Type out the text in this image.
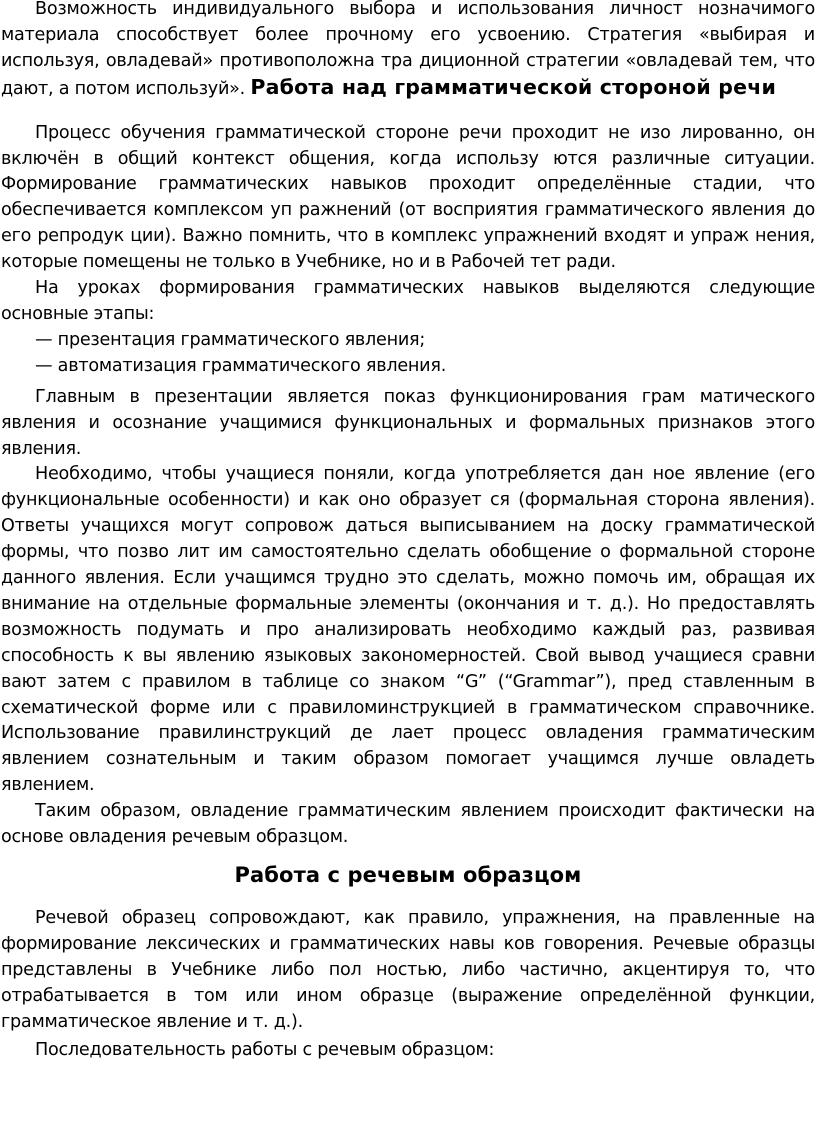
Возможность индивидуального выбора и использования личност нозначимого материала способствует более прочному его усвоению. Стратегия «выбирая и используя, овладевай» противоположна тра диционной стратегии «овладевай тем, что дают, а потом используй». Работа над грамматической стороной речи

Процесс обучения грамматической стороне речи проходит не изо лированно, он включён в общий контекст общения, когда использу ются различные ситуации. Формирование грамматических навыков проходит определённые стадии, что обеспечивается комплексом уп ражнений (от восприятия грамматического явления до его репродук ции). Важно помнить, что в комплекс упражнений входят и упраж нения, которые помещены не только в Учебнике, но и в Рабочей тет ради.

На уроках формирования грамматических навыков выделяются следующие основные этапы:

— презентация грамматического явления;

— автоматизация грамматического явления.

Главным в презентации является показ функционирования грам матического явления и осознание учащимися функциональных и формальных признаков этого явления.

Необходимо, чтобы учащиеся поняли, когда употребляется дан ное явление (его функциональные особенности) и как оно образует ся (формальная сторона явления). Ответы учащихся могут сопровож даться выписыванием на доску грамматической формы, что позво лит им самостоятельно сделать обобщение о формальной стороне данного явления. Если учащимся трудно это сделать, можно помочь им, обращая их внимание на отдельные формальные элементы (окончания и т. д.). Но предоставлять возможность подумать и про анализировать необходимо каждый раз, развивая способность к вы явлению языковых закономерностей. Свой вывод учащиеся сравни вают затем с правилом в таблице со знаком “G” (“Grammar”), пред ставленным в схематической форме или с правиломинструкцией в грамматическом справочнике. Использование правилинструкций де лает процесс овладения грамматическим явлением сознательным и таким образом помогает учащимся лучше овладеть явлением.

Таким образом, овладение грамматическим явлением происходит фактически на основе овладения речевым образцом.

Работа с речевым образцом

Речевой образец сопровождают, как правило, упражнения, на правленные на формирование лексических и грамматических навы ков говорения. Речевые образцы представлены в Учебнике либо пол ностью, либо частично, акцентируя то, что отрабатывается в том или ином образце (выражение определённой функции, грамматическое явление и т. д.).

Последовательность работы с речевым образцом:
